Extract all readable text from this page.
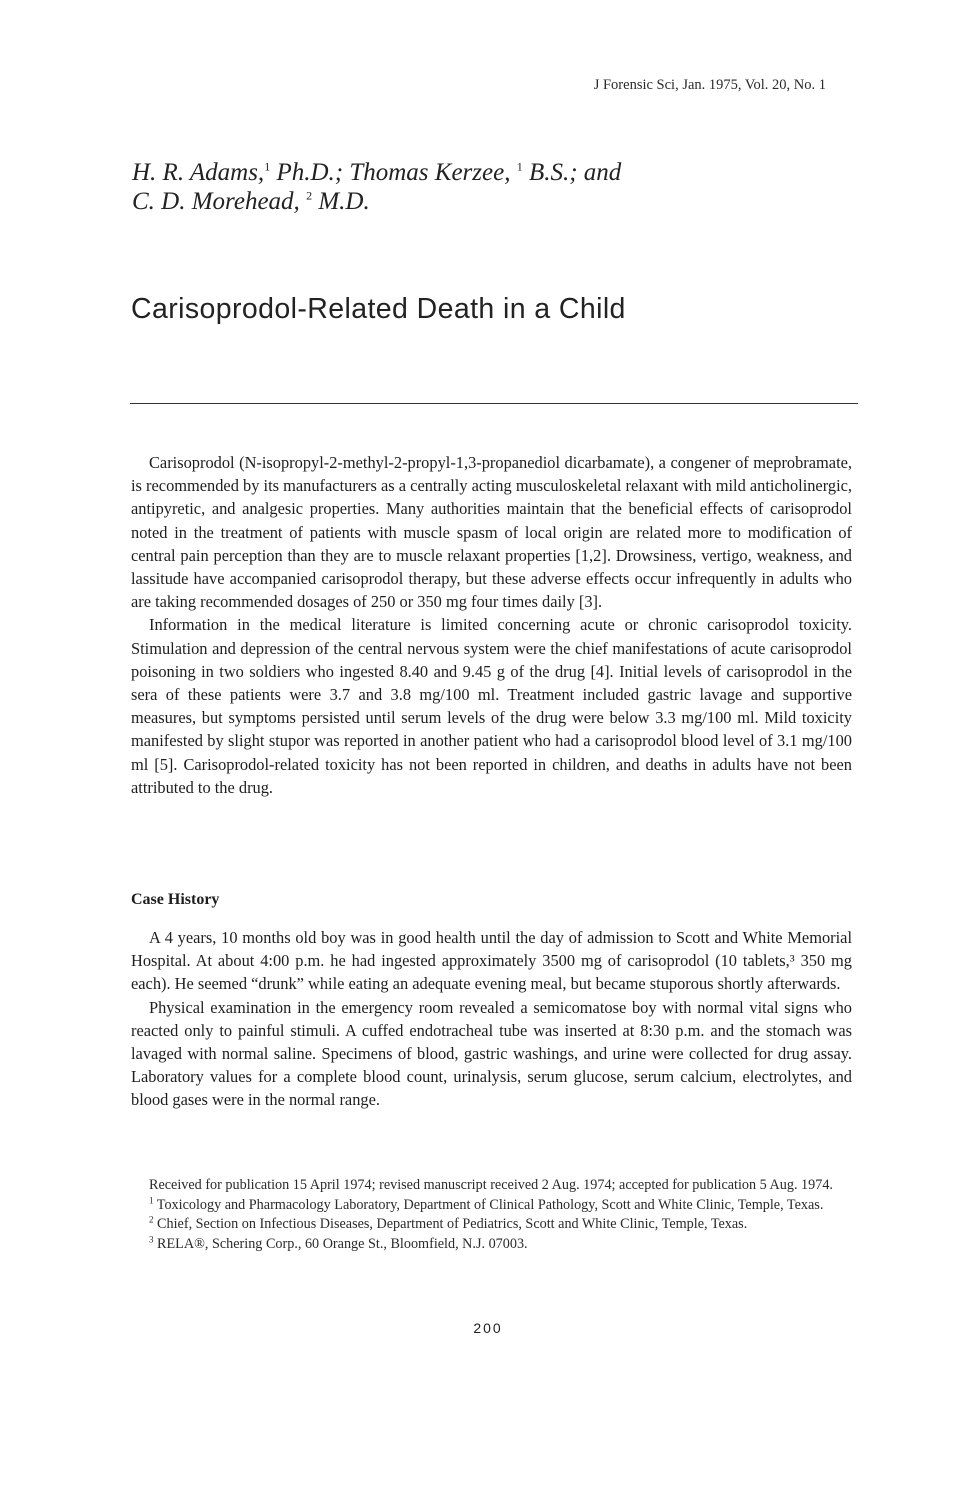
J Forensic Sci, Jan. 1975, Vol. 20, No. 1
H. R. Adams,$^1$ Ph.D.; Thomas Kerzee, $^1$ B.S.; and
C. D. Morehead, $^2$ M.D.
Carisoprodol-Related Death in a Child

Carisoprodol (N-isopropyl-2-methyl-2-propyl-1,3-propanediol dicarbamate), a congener of meprobramate, is recommended by its manufacturers as a centrally acting musculoskeletal relaxant with mild anticholinergic, antipyretic, and analgesic properties. Many authorities maintain that the beneficial effects of carisoprodol noted in the treatment of patients with muscle spasm of local origin are related more to modification of central pain perception than they are to muscle relaxant properties [1,2]. Drowsiness, vertigo, weakness, and lassitude have accompanied carisoprodol therapy, but these adverse effects occur infrequently in adults who are taking recommended dosages of 250 or 350 mg four times daily [3].

Information in the medical literature is limited concerning acute or chronic carisoprodol toxicity. Stimulation and depression of the central nervous system were the chief manifestations of acute carisoprodol poisoning in two soldiers who ingested 8.40 and 9.45 g of the drug [4]. Initial levels of carisoprodol in the sera of these patients were 3.7 and 3.8 mg/100 ml. Treatment included gastric lavage and supportive measures, but symptoms persisted until serum levels of the drug were below 3.3 mg/100 ml. Mild toxicity manifested by slight stupor was reported in another patient who had a carisoprodol blood level of 3.1 mg/100 ml [5]. Carisoprodol-related toxicity has not been reported in children, and deaths in adults have not been attributed to the drug.

Case History

A 4 years, 10 months old boy was in good health until the day of admission to Scott and White Memorial Hospital. At about 4:00 p.m. he had ingested approximately 3500 mg of carisoprodol (10 tablets,³ 350 mg each). He seemed “drunk” while eating an adequate evening meal, but became stuporous shortly afterwards.

Physical examination in the emergency room revealed a semicomatose boy with normal vital signs who reacted only to painful stimuli. A cuffed endotracheal tube was inserted at 8:30 p.m. and the stomach was lavaged with normal saline. Specimens of blood, gastric washings, and urine were collected for drug assay. Laboratory values for a complete blood count, urinalysis, serum glucose, serum calcium, electrolytes, and blood gases were in the normal range.

Received for publication 15 April 1974; revised manuscript received 2 Aug. 1974; accepted for publication 5 Aug. 1974.

$^1$ Toxicology and Pharmacology Laboratory, Department of Clinical Pathology, Scott and White Clinic, Temple, Texas.

$^2$ Chief, Section on Infectious Diseases, Department of Pediatrics, Scott and White Clinic, Temple, Texas.

$^3$ RELA®, Schering Corp., 60 Orange St., Bloomfield, N.J. 07003.

200
